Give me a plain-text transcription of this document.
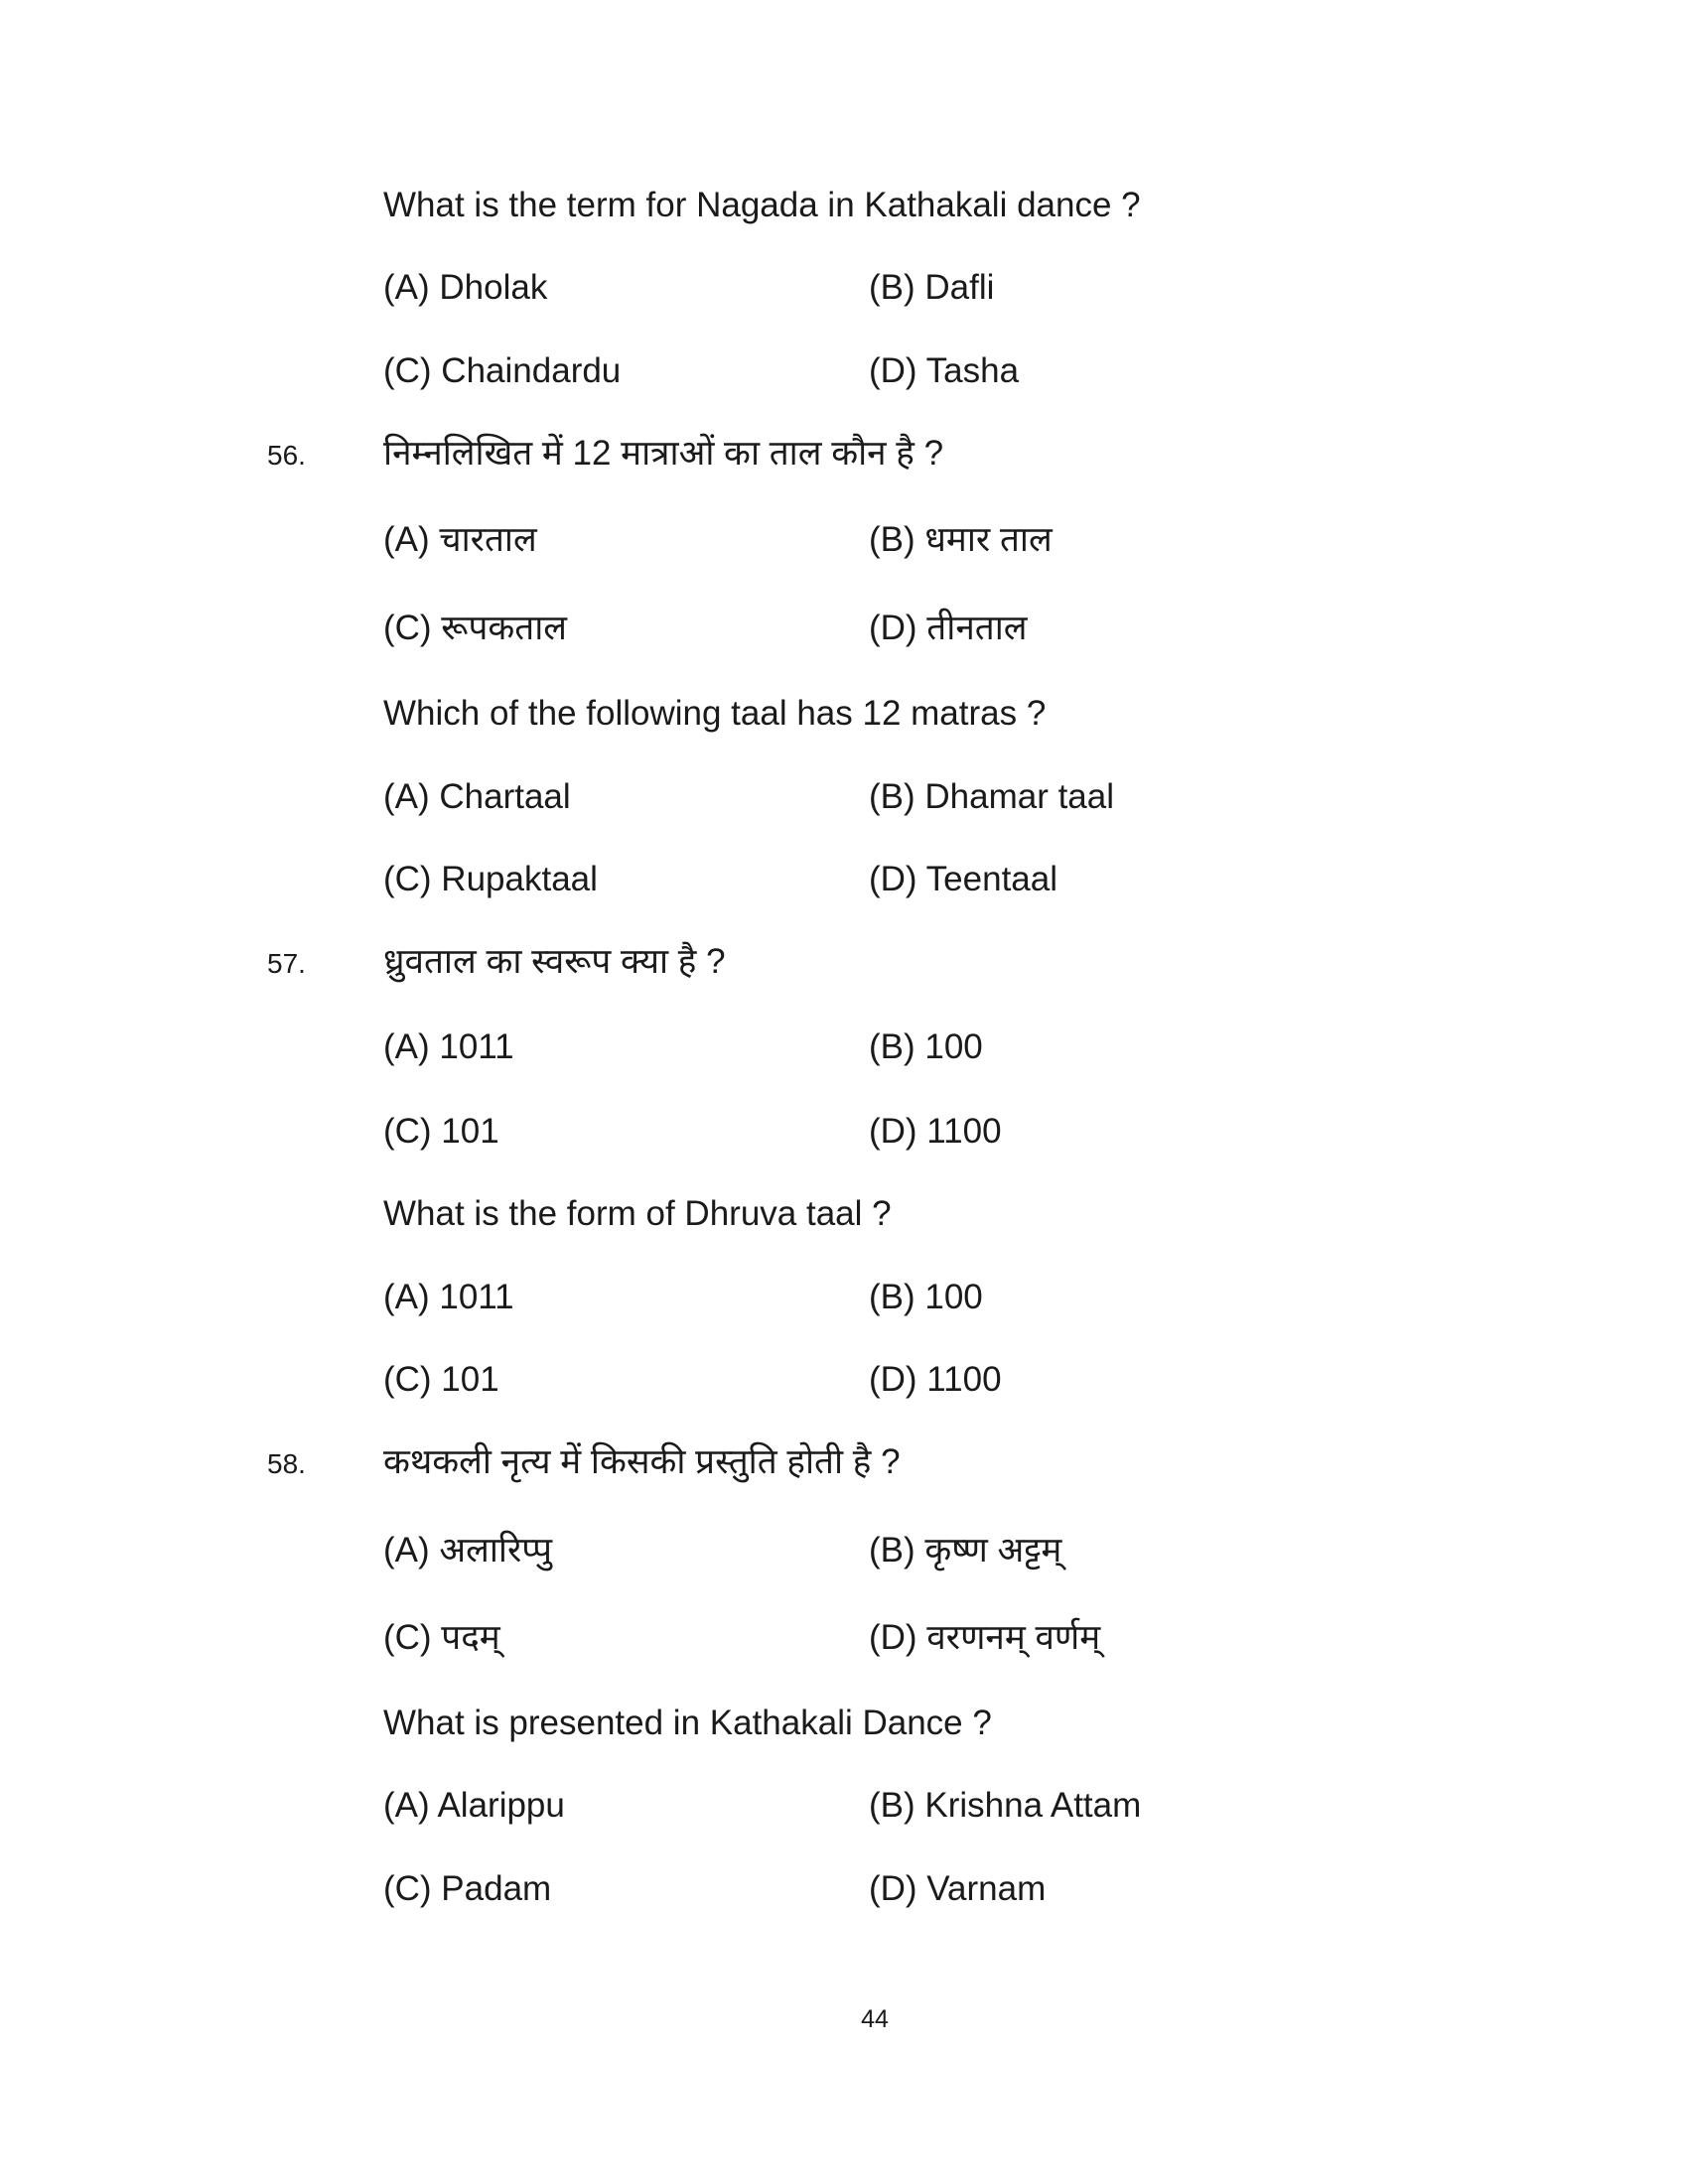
What is the term for Nagada in Kathakali dance ?
(A) Dholak	(B) Dafli
(C) Chaindardu	(D) Tasha
56. निम्नलिखित में 12 मात्राओं का ताल कौन है ?
(A) चारताल	(B) धमार ताल
(C) रूपकताल	(D) तीनताल
Which of the following taal has 12 matras ?
(A) Chartaal	(B) Dhamar taal
(C) Rupaktaal	(D) Teentaal
57. ध्रुवताल का स्वरूप क्या है ?
(A) 1011	(B) 100
(C) 101	(D) 1100
What is the form of Dhruva taal ?
(A) 1011	(B) 100
(C) 101	(D) 1100
58. कथकली नृत्य में किसकी प्रस्तुति होती है ?
(A) अलारिप्पु	(B) कृष्ण अट्टम्
(C) पदम्	(D) वरणनम् वर्णम्
What is presented in Kathakali Dance ?
(A) Alarippu	(B) Krishna Attam
(C) Padam	(D) Varnam
44
